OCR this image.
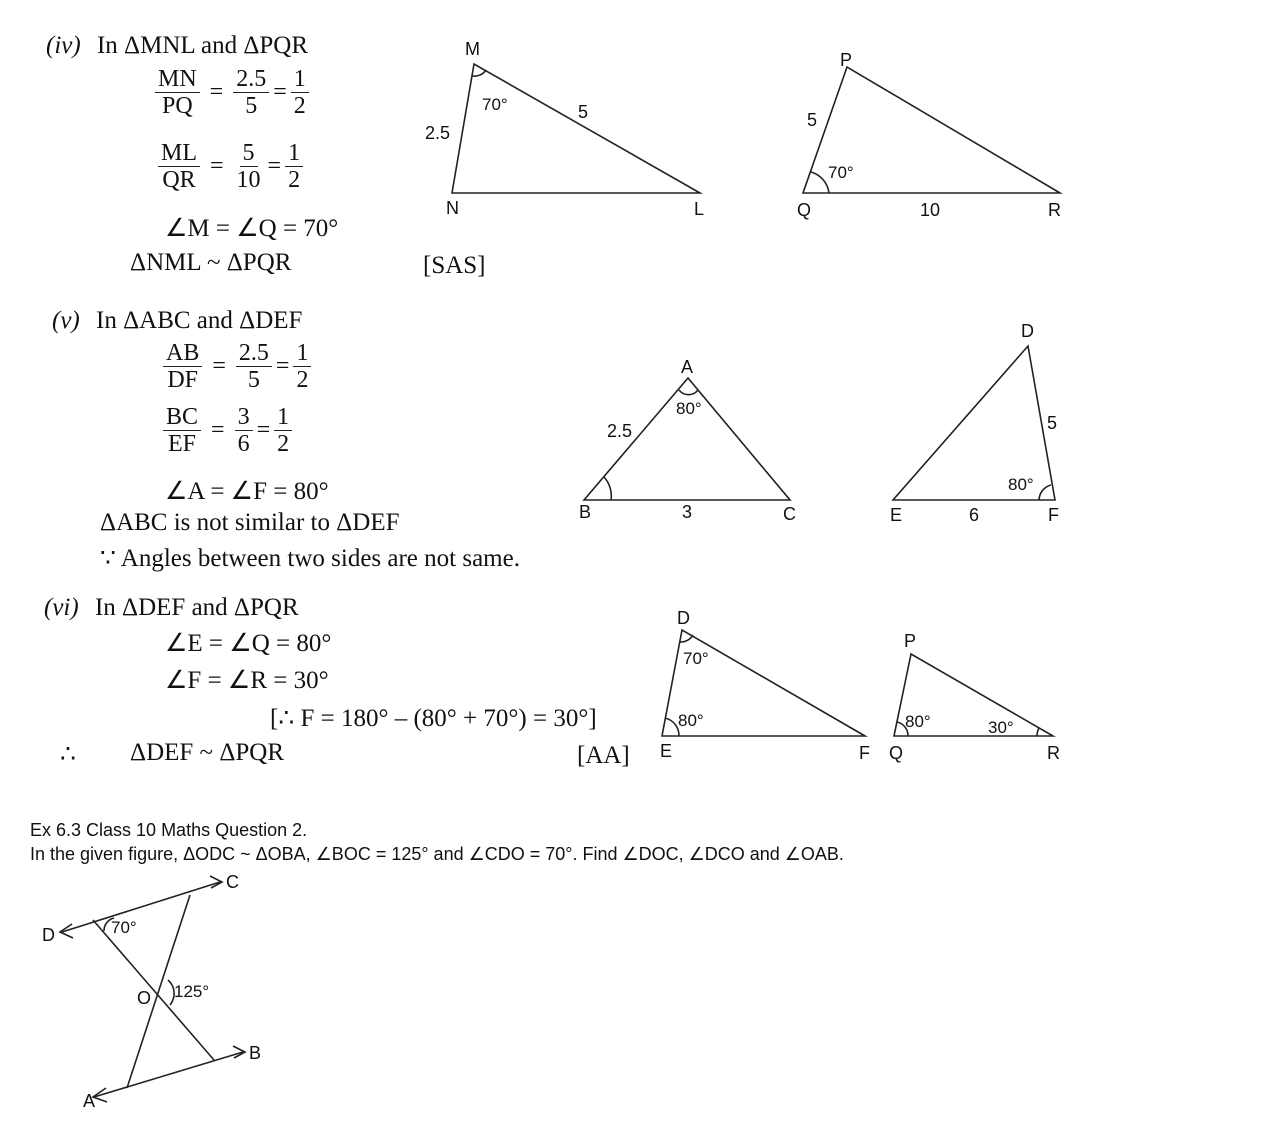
(iv) In ΔMNL and ΔPQR
$\frac{MN}{PQ} = \frac{2.5}{5} = \frac{1}{2}$
$\frac{ML}{QR} = \frac{5}{10} = \frac{1}{2}$
∠M = ∠Q = 70°
ΔNML ~ ΔPQR	[SAS]
(v) In ΔABC and ΔDEF
$\frac{AB}{DF} = \frac{2.5}{5} = \frac{1}{2}$
$\frac{BC}{EF} = \frac{3}{6} = \frac{1}{2}$
∠A = ∠F = 80°
ΔABC is not similar to ΔDEF
∵ Angles between two sides are not same.
(vi) In ΔDEF and ΔPQR
∠E = ∠Q = 80°
∠F = ∠R = 30°
[∴ F = 180° – (80° + 70°) = 30°]
∴ ΔDEF ~ ΔPQR	[AA]
Ex 6.3 Class 10 Maths Question 2.
In the given figure, ΔODC ~ ΔOBA, ∠BOC = 125° and ∠CDO = 70°. Find ∠DOC, ∠DCO and ∠OAB.
M
N	L
2.5
5
70°
P
Q	R
5
10
70°
A
B	C
2.5
3
80°
D
E	F
5
6
80°
D
E	F
70°
80°
P
Q	R
80°	30°
C
D
O
A
B
70°
125°
